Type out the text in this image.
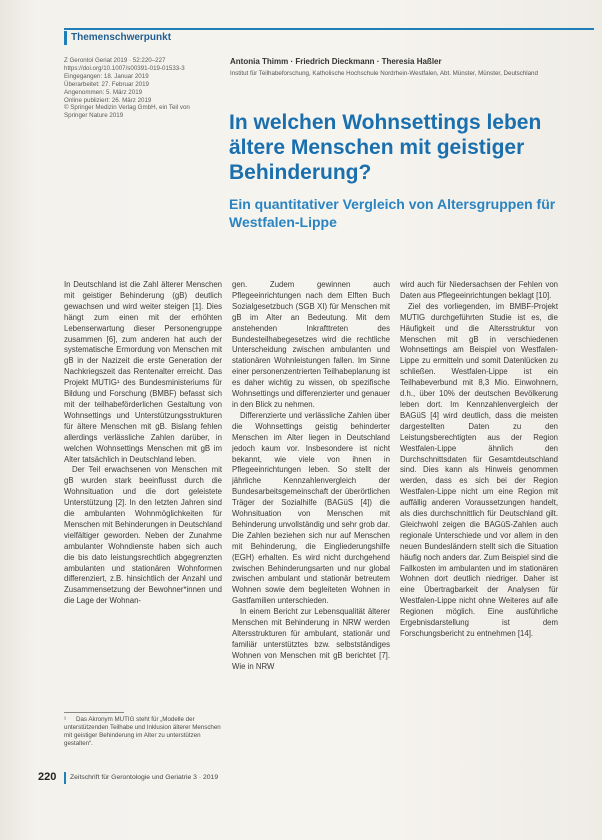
Themenschwerpunkt
Z Gerontol Geriat 2019 · 52:220–227
https://doi.org/10.1007/s00391-019-01533-3
Eingegangen: 18. Januar 2019
Überarbeitet: 27. Februar 2019
Angenommen: 5. März 2019
Online publiziert: 26. März 2019
© Springer Medizin Verlag GmbH, ein Teil von
Springer Nature 2019
Antonia Thimm · Friedrich Dieckmann · Theresia Haßler
Institut für Teilhabeforschung, Katholische Hochschule Nordrhein-Westfalen, Abt. Münster, Münster, Deutschland
In welchen Wohnsettings leben ältere Menschen mit geistiger Behinderung?
Ein quantitativer Vergleich von Altersgruppen für Westfalen-Lippe

In Deutschland ist die Zahl älterer Menschen mit geistiger Behinderung (gB) deutlich gewachsen und wird weiter steigen [1]. Dies hängt zum einen mit der erhöhten Lebenserwartung dieser Personengruppe zusammen [6], zum anderen hat auch der systematische Ermordung von Menschen mit gB in der Nazizeit die erste Generation der Nachkriegszeit das Rentenalter erreicht. Das Projekt MUTIG¹ des Bundesministeriums für Bildung und Forschung (BMBF) befasst sich mit der teilhabeförderlichen Gestaltung von Wohnsettings und Unterstützungsstrukturen für ältere Menschen mit gB. Bislang fehlen allerdings verlässliche Zahlen darüber, in welchen Wohnsettings Menschen mit gB im Alter tatsächlich in Deutschland leben.

Der Teil erwachsenen von Menschen mit gB wurden stark beeinflusst durch die Wohnsituation und die dort geleistete Unterstützung [2]. In den letzten Jahren sind die ambulanten Wohnmöglichkeiten für Menschen mit Behinderungen in Deutschland vielfältiger geworden. Neben der Zunahme ambulanter Wohndienste haben sich auch die bis dato leistungsrechtlich abgegrenzten ambulanten und stationären Wohnformen differenziert, z.B. hinsichtlich der Anzahl und Zusammensetzung der Bewohner*innen und die Lage der Wohnan-

gen. Zudem gewinnen auch Pflegeeinrichtungen nach dem Elften Buch Sozialgesetzbuch (SGB XI) für Menschen mit gB im Alter an Bedeutung. Mit dem anstehenden Inkrafttreten des Bundesteilhabegesetzes wird die rechtliche Unterscheidung zwischen ambulanten und stationären Wohnleistungen fallen. Im Sinne einer personenzentrierten Teilhabeplanung ist es daher wichtig zu wissen, ob spezifische Wohnsettings und differenzierter und genauer in den Blick zu nehmen.

Differenzierte und verlässliche Zahlen über die Wohnsettings geistig behinderter Menschen im Alter liegen in Deutschland jedoch kaum vor. Insbesondere ist nicht bekannt, wie viele von ihnen in Pflegeeinrichtungen leben. So stellt der jährliche Kennzahlenvergleich der Bundesarbeitsgemeinschaft der überörtlichen Träger der Sozialhilfe (BAGüS [4]) die Wohnsituation von Menschen mit Behinderung unvollständig und sehr grob dar. Die Zahlen beziehen sich nur auf Menschen mit Behinderung, die Eingliederungshilfe (EGH) erhalten. Es wird nicht durchgehend zwischen Behinderungsarten und nur global zwischen ambulant und stationär betreutem Wohnen sowie dem begleiteten Wohnen in Gastfamilien unterschieden.

In einem Bericht zur Lebensqualität älterer Menschen mit Behinderung in NRW werden Altersstrukturen für ambulant, stationär und familiär unterstütztes bzw. selbstständiges Wohnen von Menschen mit gB berichtet [7]. Wie in NRW

wird auch für Niedersachsen der Fehlen von Daten aus Pflegeeinrichtungen beklagt [10].

Ziel des vorliegenden, im BMBF-Projekt MUTIG durchgeführten Studie ist es, die Häufigkeit und die Altersstruktur von Menschen mit gB in verschiedenen Wohnsettings am Beispiel von Westfalen-Lippe zu ermitteln und somit Datenlücken zu schließen. Westfalen-Lippe ist ein Teilhabeverbund mit 8,3 Mio. Einwohnern, d.h., über 10% der deutschen Bevölkerung leben dort. Im Kennzahlenvergleich der BAGüS [4] wird deutlich, dass die meisten dargestellten Daten zu den Leistungsberechtigten aus der Region Westfalen-Lippe ähnlich den Durchschnittsdaten für Gesamtdeutschland sind. Dies kann als Hinweis genommen werden, dass es sich bei der Region Westfalen-Lippe nicht um eine Region mit auffällig anderen Voraussetzungen handelt, als dies durchschnittlich für Deutschland gilt. Gleichwohl zeigen die BAGüS-Zahlen auch regionale Unterschiede und vor allem in den neuen Bundesländern stellt sich die Situation häufig noch anders dar. Zum Beispiel sind die Fallkosten im ambulanten und im stationären Wohnen dort deutlich niedriger. Daher ist eine Übertragbarkeit der Analysen für Westfalen-Lippe nicht ohne Weiteres auf alle Regionen möglich. Eine ausführliche Ergebnisdarstellung ist dem Forschungsbericht zu entnehmen [14].

¹ Das Akronym MUTIG steht für „Modelle der unterstützenden Teilhabe und Inklusion älterer Menschen mit geistiger Behinderung im Alter zu unterstützen gestalten“.
220 Zeitschrift für Gerontologie und Geriatrie 3 · 2019
